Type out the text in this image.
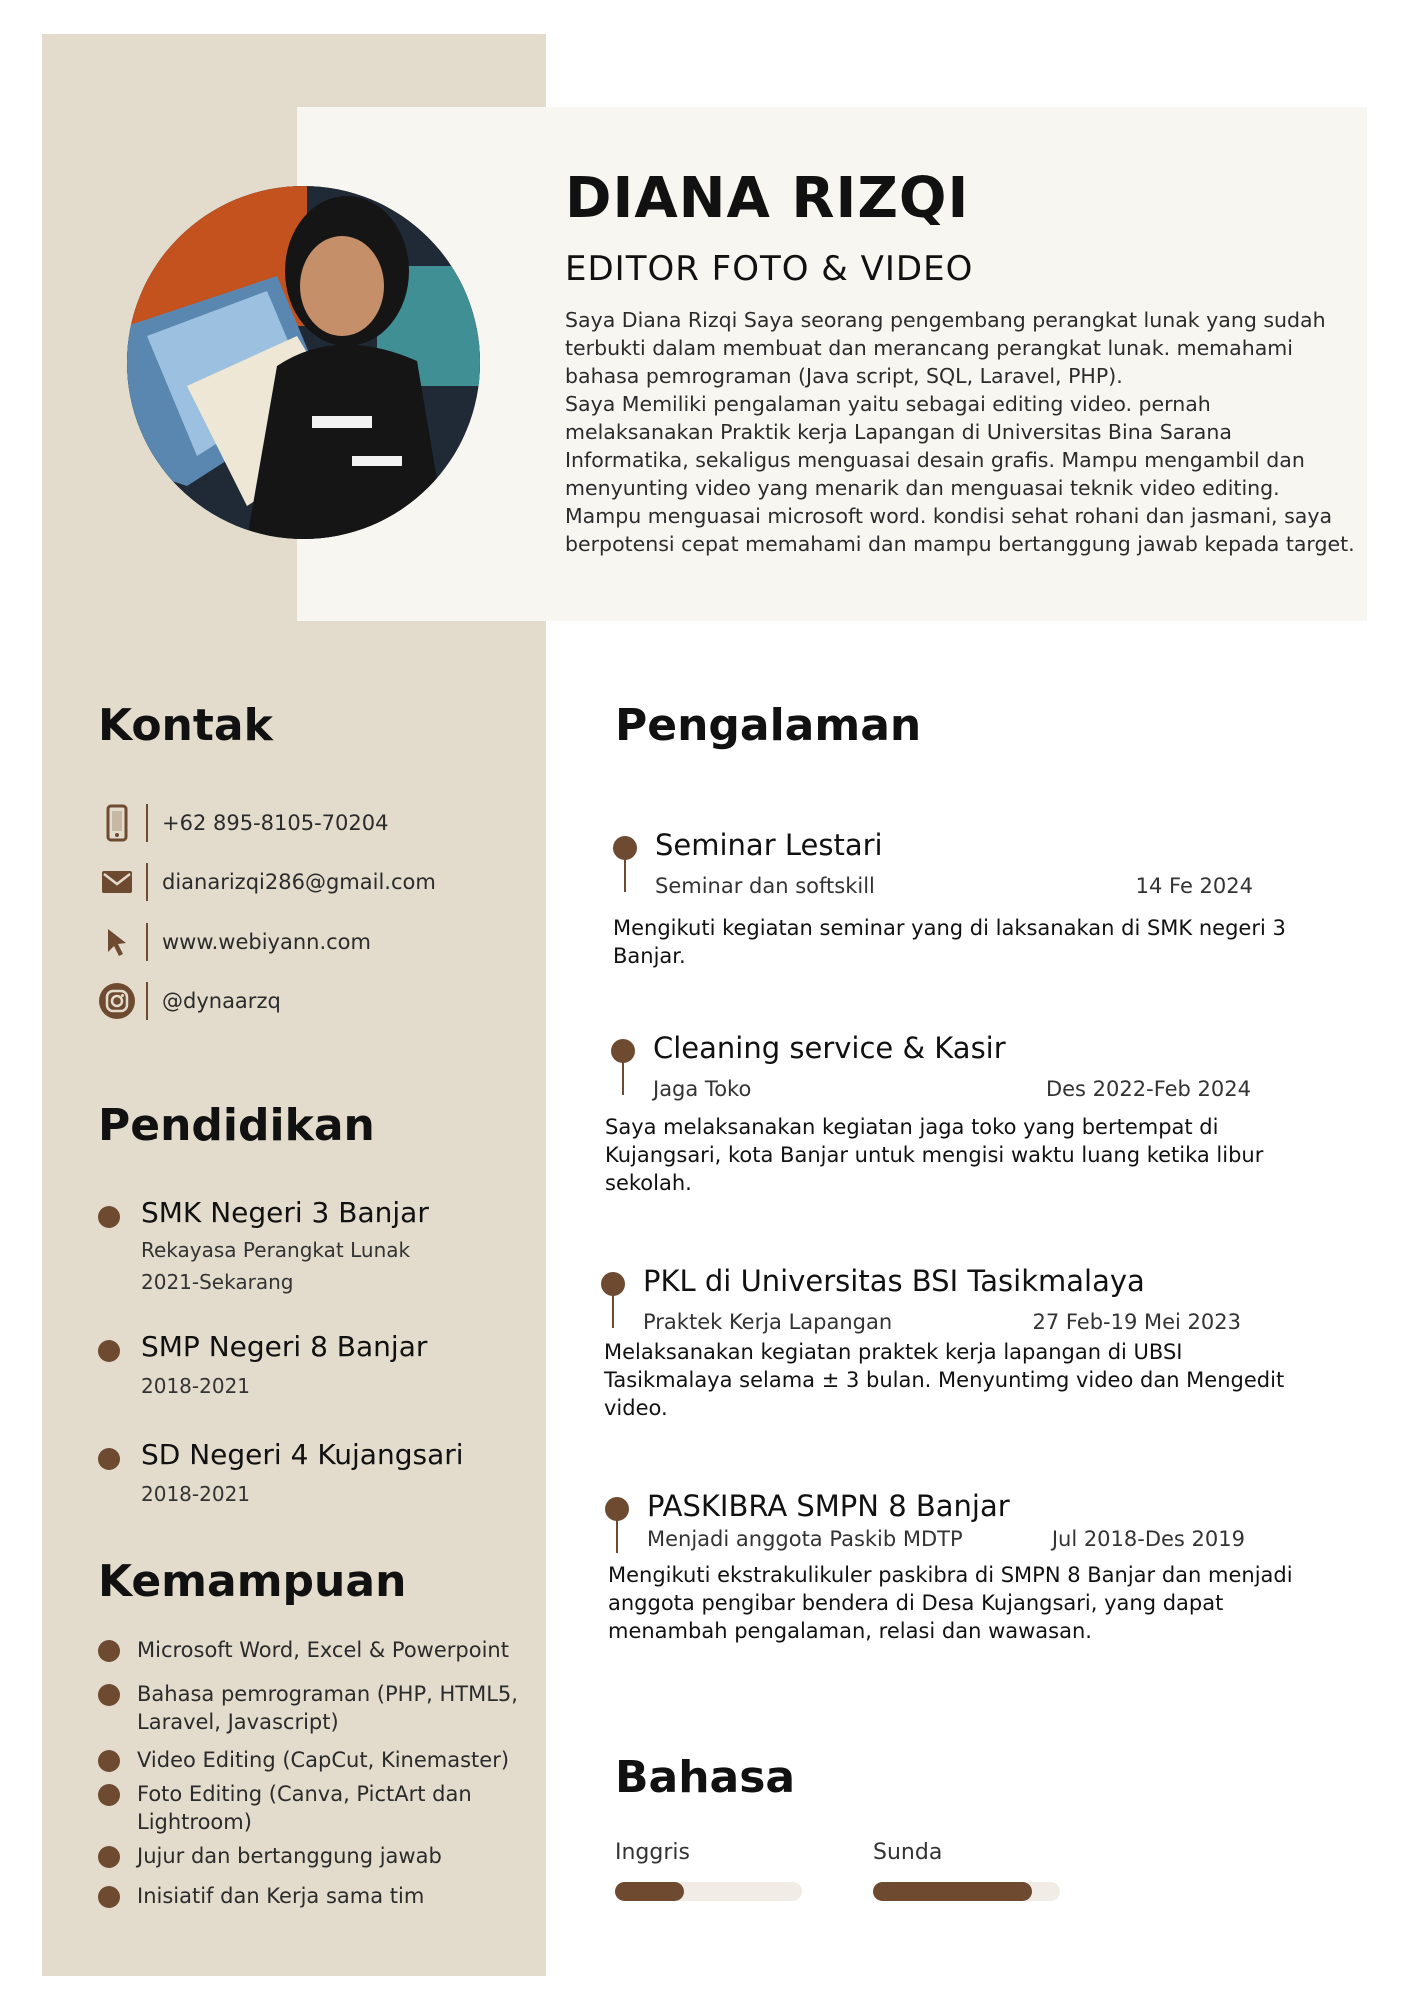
DIANA RIZQI
EDITOR FOTO & VIDEO

Saya Diana Rizqi Saya seorang pengembang perangkat lunak yang sudah terbukti dalam membuat dan merancang perangkat lunak. memahami bahasa pemrograman (Java script, SQL, Laravel, PHP).

Saya Memiliki pengalaman yaitu sebagai editing video. pernah melaksanakan Praktik kerja Lapangan di Universitas Bina Sarana Informatika, sekaligus menguasai desain grafis. Mampu mengambil dan menyunting video yang menarik dan menguasai teknik video editing. Mampu menguasai microsoft word. kondisi sehat rohani dan jasmani, saya berpotensi cepat memahami dan mampu bertanggung jawab kepada target.

Kontak
+62 895-8105-70204
dianarizqi286@gmail.com
www.webiyann.com
@dynaarzq
Pendidikan
SMK Negeri 3 Banjar
Rekayasa Perangkat Lunak
2021-Sekarang
SMP Negeri 8 Banjar
2018-2021
SD Negeri 4 Kujangsari
2018-2021
Kemampuan
Microsoft Word, Excel & Powerpoint
Bahasa pemrograman (PHP, HTML5, Laravel, Javascript)
Video Editing (CapCut, Kinemaster)
Foto Editing (Canva, PictArt dan Lightroom)
Jujur dan bertanggung jawab
Inisiatif dan Kerja sama tim
Pengalaman
Seminar Lestari
Seminar dan softskill	14 Fe 2024
Mengikuti kegiatan seminar yang di laksanakan di SMK negeri 3 Banjar.
Cleaning service & Kasir
Jaga Toko	Des 2022-Feb 2024
Saya melaksanakan kegiatan jaga toko yang bertempat di Kujangsari, kota Banjar untuk mengisi waktu luang ketika libur sekolah.
PKL di Universitas BSI Tasikmalaya
Praktek Kerja Lapangan	27 Feb-19 Mei 2023
Melaksanakan kegiatan praktek kerja lapangan di UBSI Tasikmalaya selama ± 3 bulan. Menyuntimg video dan Mengedit video.
PASKIBRA SMPN 8 Banjar
Menjadi anggota Paskib MDTP	Jul 2018-Des 2019
Mengikuti ekstrakulikuler paskibra di SMPN 8 Banjar dan menjadi anggota pengibar bendera di Desa Kujangsari, yang dapat menambah pengalaman, relasi dan wawasan.
Bahasa
Inggris	Sunda
